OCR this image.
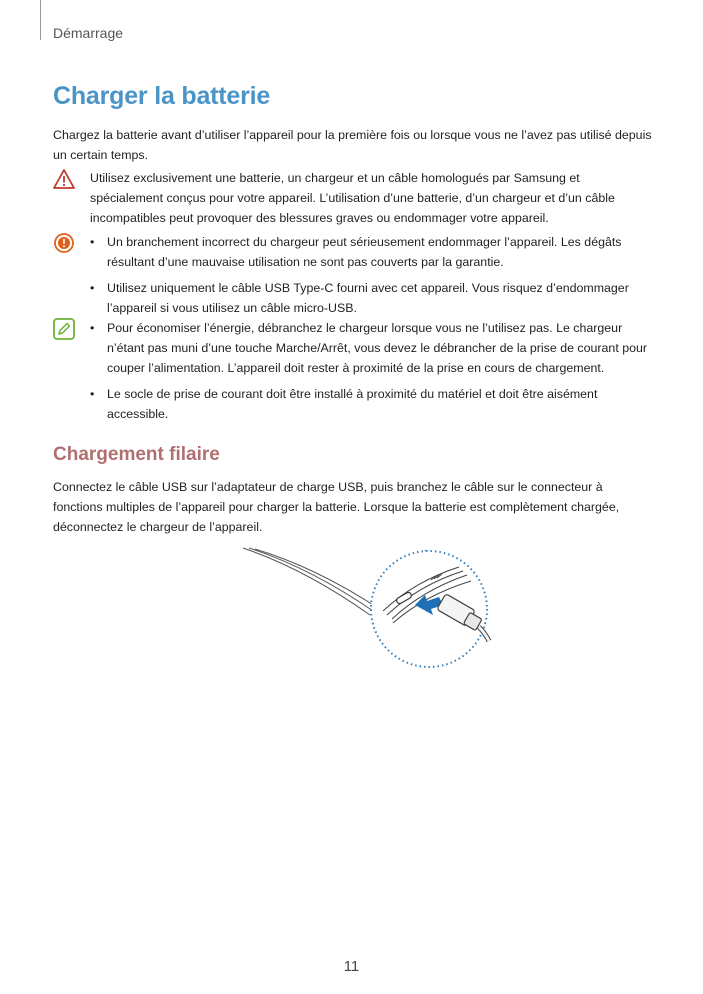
Démarrage
Charger la batterie

Chargez la batterie avant d’utiliser l’appareil pour la première fois ou lorsque vous ne l’avez pas utilisé depuis un certain temps.

Utilisez exclusivement une batterie, un chargeur et un câble homologués par Samsung et spécialement conçus pour votre appareil. L’utilisation d’une batterie, d’un chargeur et d’un câble incompatibles peut provoquer des blessures graves ou endommager votre appareil.

• Un branchement incorrect du chargeur peut sérieusement endommager l’appareil. Les dégâts résultant d’une mauvaise utilisation ne sont pas couverts par la garantie.
• Utilisez uniquement le câble USB Type-C fourni avec cet appareil. Vous risquez d’endommager l’appareil si vous utilisez un câble micro-USB.
• Pour économiser l’énergie, débranchez le chargeur lorsque vous ne l’utilisez pas. Le chargeur n’étant pas muni d’une touche Marche/Arrêt, vous devez le débrancher de la prise de courant pour couper l’alimentation. L’appareil doit rester à proximité de la prise en cours de chargement.
• Le socle de prise de courant doit être installé à proximité du matériel et doit être aisément accessible.
Chargement filaire

Connectez le câble USB sur l’adaptateur de charge USB, puis branchez le câble sur le connecteur à fonctions multiples de l’appareil pour charger la batterie. Lorsque la batterie est complètement chargée, déconnectez le chargeur de l’appareil.

11
